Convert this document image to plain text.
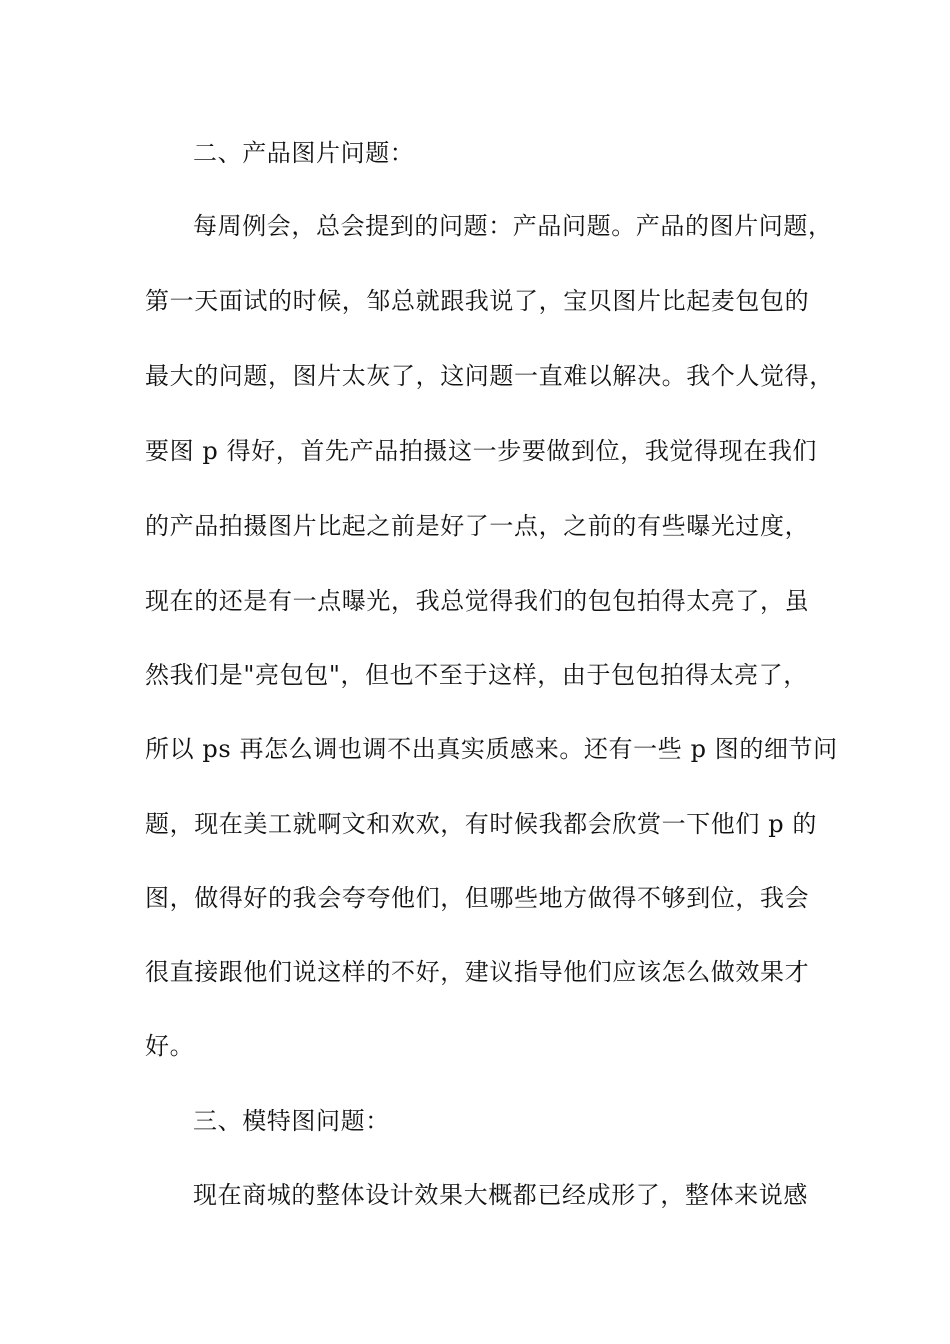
二、产品图片问题：
每周例会，总会提到的问题：产品问题。产品的图片问题，
第一天面试的时候，邹总就跟我说了，宝贝图片比起麦包包的
最大的问题，图片太灰了，这问题一直难以解决。我个人觉得，
要图 p 得好，首先产品拍摄这一步要做到位，我觉得现在我们
的产品拍摄图片比起之前是好了一点，之前的有些曝光过度，
现在的还是有一点曝光，我总觉得我们的包包拍得太亮了，虽
然我们是"亮包包"，但也不至于这样，由于包包拍得太亮了，
所以 ps 再怎么调也调不出真实质感来。还有一些 p 图的细节问
题，现在美工就啊文和欢欢，有时候我都会欣赏一下他们 p 的
图，做得好的我会夸夸他们，但哪些地方做得不够到位，我会
很直接跟他们说这样的不好，建议指导他们应该怎么做效果才
好。
三、模特图问题：
现在商城的整体设计效果大概都已经成形了，整体来说感
